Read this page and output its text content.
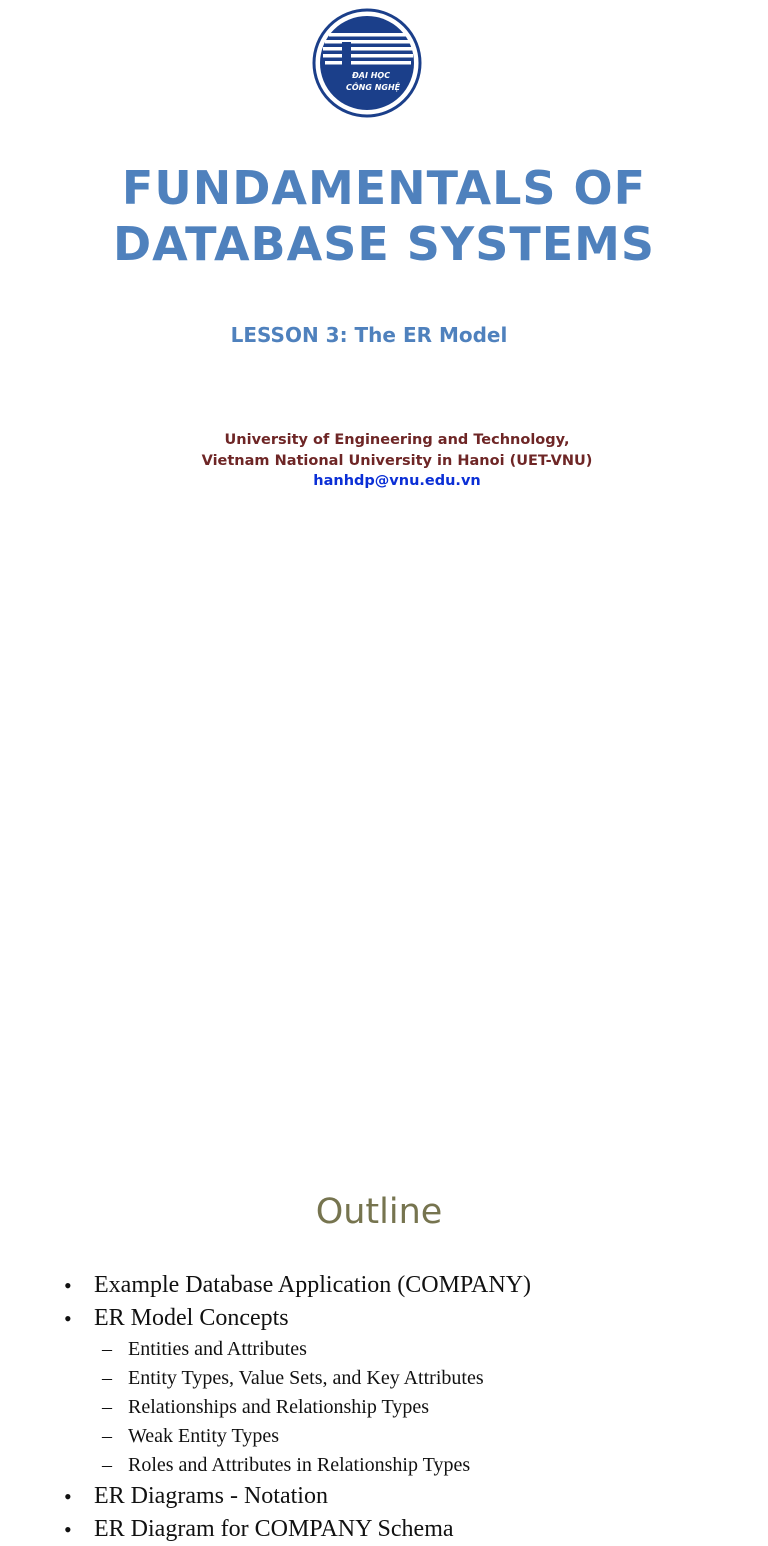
ĐẠI HỌC
CÔNG NGHỆ
FUNDAMENTALS OF
DATABASE SYSTEMS
LESSON 3: The ER Model
University of Engineering and Technology,
Vietnam National University in Hanoi (UET-VNU)
hanhdp@vnu.edu.vn
Outline
• Example Database Application (COMPANY)
• ER Model Concepts
– Entities and Attributes
– Entity Types, Value Sets, and Key Attributes
– Relationships and Relationship Types
– Weak Entity Types
– Roles and Attributes in Relationship Types
• ER Diagrams - Notation
• ER Diagram for COMPANY Schema
